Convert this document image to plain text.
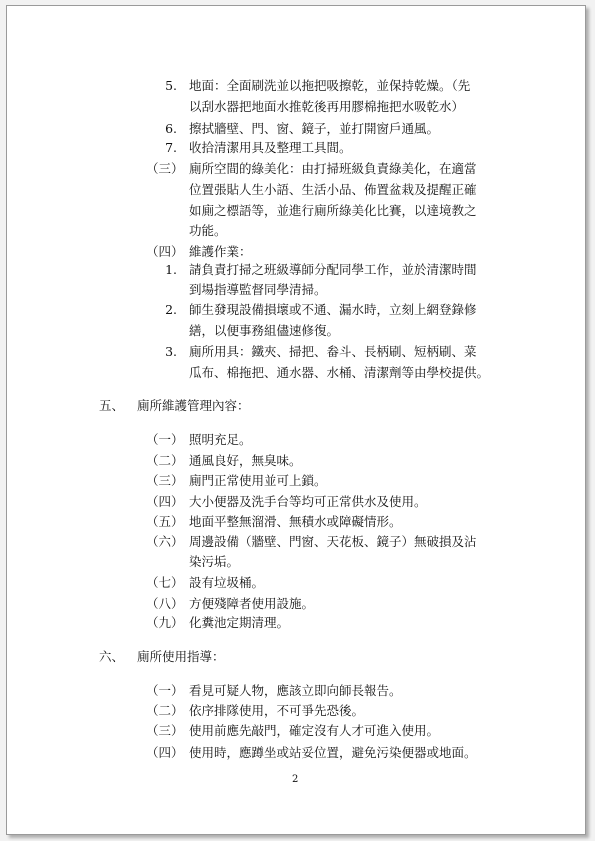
5. 地面：全面刷洗並以拖把吸擦乾，並保持乾燥。（先
以刮水器把地面水推乾後再用膠棉拖把水吸乾水）
6. 擦拭牆壁、門、窗、鏡子，並打開窗戶通風。
7. 收拾清潔用具及整理工具間。
（三） 廁所空間的綠美化：由打掃班級負責綠美化，在適當
位置張貼人生小語、生活小品、佈置盆栽及提醒正確
如廁之標語等，並進行廁所綠美化比賽，以達境教之
功能。
（四） 維護作業：
1. 請負責打掃之班級導師分配同學工作，並於清潔時間
到場指導監督同學清掃。
2. 師生發現設備損壞或不通、漏水時，立刻上網登錄修
繕，以便事務組儘速修復。
3. 廁所用具：鐵夾、掃把、畚斗、長柄刷、短柄刷、菜
瓜布、棉拖把、通水器、水桶、清潔劑等由學校提供。
五、 廁所維護管理內容：
（一） 照明充足。
（二） 通風良好，無臭味。
（三） 廁門正常使用並可上鎖。
（四） 大小便器及洗手台等均可正常供水及使用。
（五） 地面平整無溜滑、無積水或障礙情形。
（六） 周邊設備（牆壁、門窗、天花板、鏡子）無破損及沾
染污垢。
（七） 設有垃圾桶。
（八） 方便殘障者使用設施。
（九） 化糞池定期清理。
六、 廁所使用指導：
（一） 看見可疑人物，應該立即向師長報告。
（二） 依序排隊使用，不可爭先恐後。
（三） 使用前應先敲門，確定沒有人才可進入使用。
（四） 使用時，應蹲坐或站妥位置，避免污染便器或地面。
2
